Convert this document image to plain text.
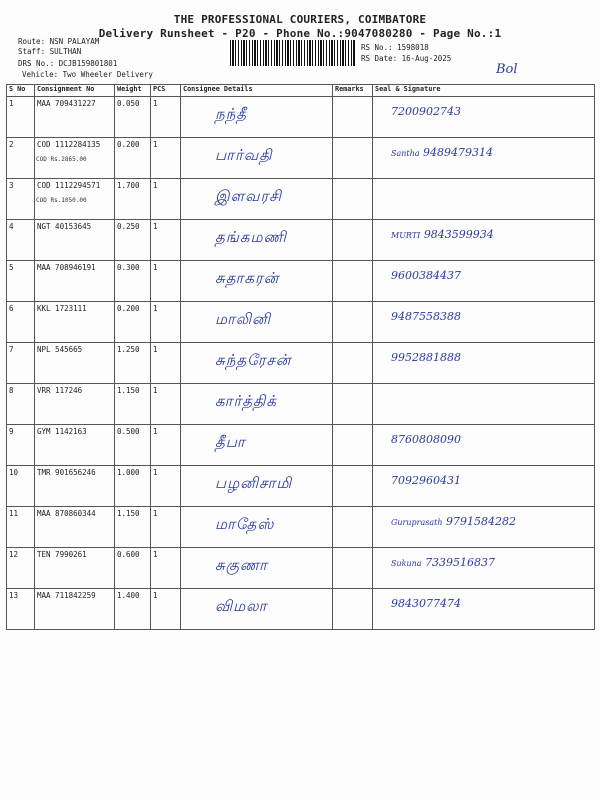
THE PROFESSIONAL COURIERS, COIMBATORE
Delivery Runsheet - P20 - Phone No.:9047080280 - Page No.:1
Route: NSN PALAYAM
Staff: SULTHAN
DRS No.: DCJB159801801
Vehicle: Two Wheeler Delivery
RS No.: 1598018
RS Date: 16-Aug-2025
Bol
S No	Consignment No	Weight	PCS	Consignee Details	Remarks	Seal & Signature

1	MAA 709431227	0.050	1	நந்தீ		7200902743

2	COD 1112284135
COD Rs.2865.00	0.200	1	பார்வதி		Santha 9489479314

3	COD 1112294571
COD Rs.1050.00	1.700	1	இளவரசி		

4	NGT 40153645	0.250	1	தங்கமணி		MURTI 9843599934

5	MAA 708946191	0.300	1	சுதாகரன்		9600384437

6	KKL 1723111	0.200	1	மாலினி		9487558388

7	NPL 545665	1.250	1	சுந்தரேசன்		9952881888

8	VRR 117246	1.150	1	கார்த்திக்		

9	GYM 1142163	0.500	1	தீபா		8760808090

10	TMR 901656246	1.000	1	பழனிசாமி		7092960431

11	MAA 870860344	1.150	1	மாதேஸ்		Guruprasath 9791584282

12	TEN 7990261	0.600	1	சுகுணா		Sukuna 7339516837

13	MAA 711842259	1.400	1	விமலா		9843077474
